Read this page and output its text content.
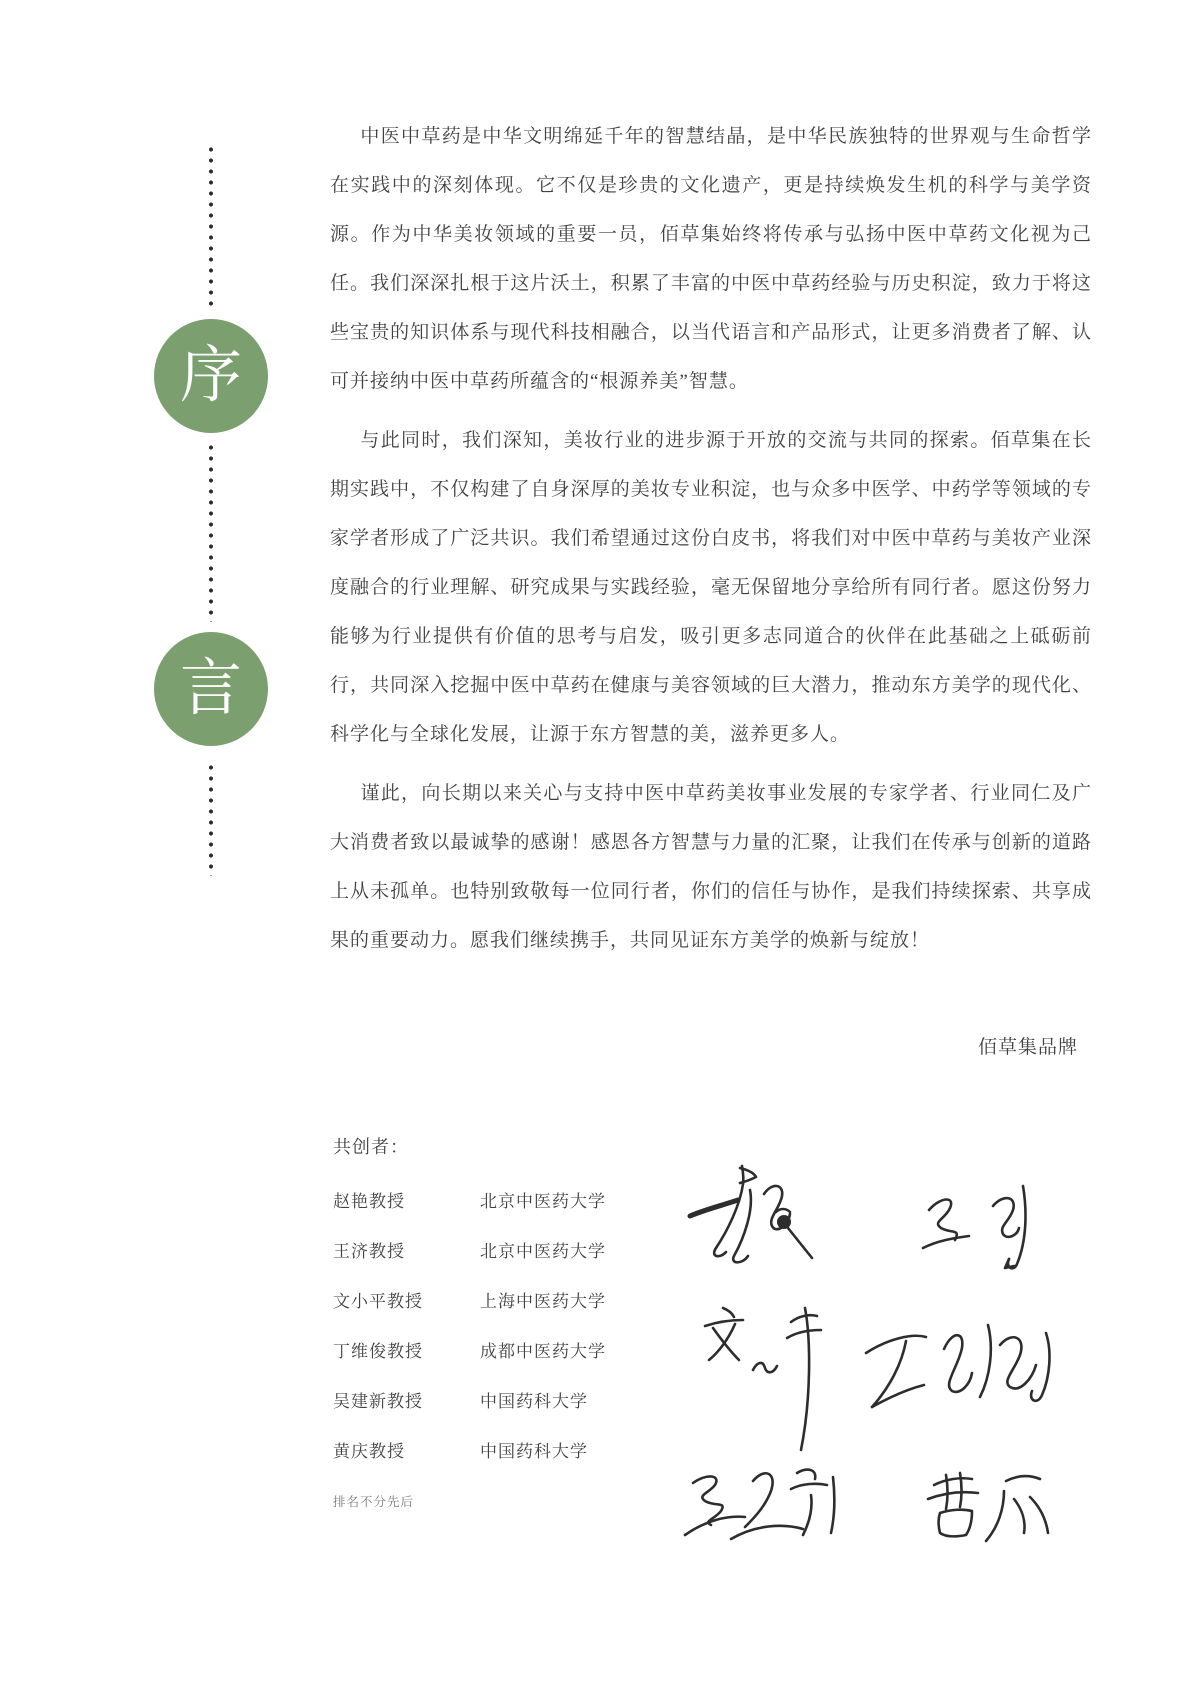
序
言

中医中草药是中华文明绵延千年的智慧结晶，是中华民族独特的世界观与生命哲学在实践中的深刻体现。它不仅是珍贵的文化遗产，更是持续焕发生机的科学与美学资源。作为中华美妆领域的重要一员，佰草集始终将传承与弘扬中医中草药文化视为己任。我们深深扎根于这片沃土，积累了丰富的中医中草药经验与历史积淀，致力于将这些宝贵的知识体系与现代科技相融合，以当代语言和产品形式，让更多消费者了解、认可并接纳中医中草药所蕴含的“根源养美”智慧。

与此同时，我们深知，美妆行业的进步源于开放的交流与共同的探索。佰草集在长期实践中，不仅构建了自身深厚的美妆专业积淀，也与众多中医学、中药学等领域的专家学者形成了广泛共识。我们希望通过这份白皮书，将我们对中医中草药与美妆产业深度融合的行业理解、研究成果与实践经验，毫无保留地分享给所有同行者。愿这份努力能够为行业提供有价值的思考与启发，吸引更多志同道合的伙伴在此基础之上砥砺前行，共同深入挖掘中医中草药在健康与美容领域的巨大潜力，推动东方美学的现代化、科学化与全球化发展，让源于东方智慧的美，滋养更多人。

谨此，向长期以来关心与支持中医中草药美妆事业发展的专家学者、行业同仁及广大消费者致以最诚挚的感谢！感恩各方智慧与力量的汇聚，让我们在传承与创新的道路上从未孤单。也特别致敬每一位同行者，你们的信任与协作，是我们持续探索、共享成果的重要动力。愿我们继续携手，共同见证东方美学的焕新与绽放！

佰草集品牌
共创者：
赵艳教授	北京中医药大学
王济教授	北京中医药大学
文小平教授	上海中医药大学
丁维俊教授	成都中医药大学
吴建新教授	中国药科大学
黄庆教授	中国药科大学
排名不分先后
